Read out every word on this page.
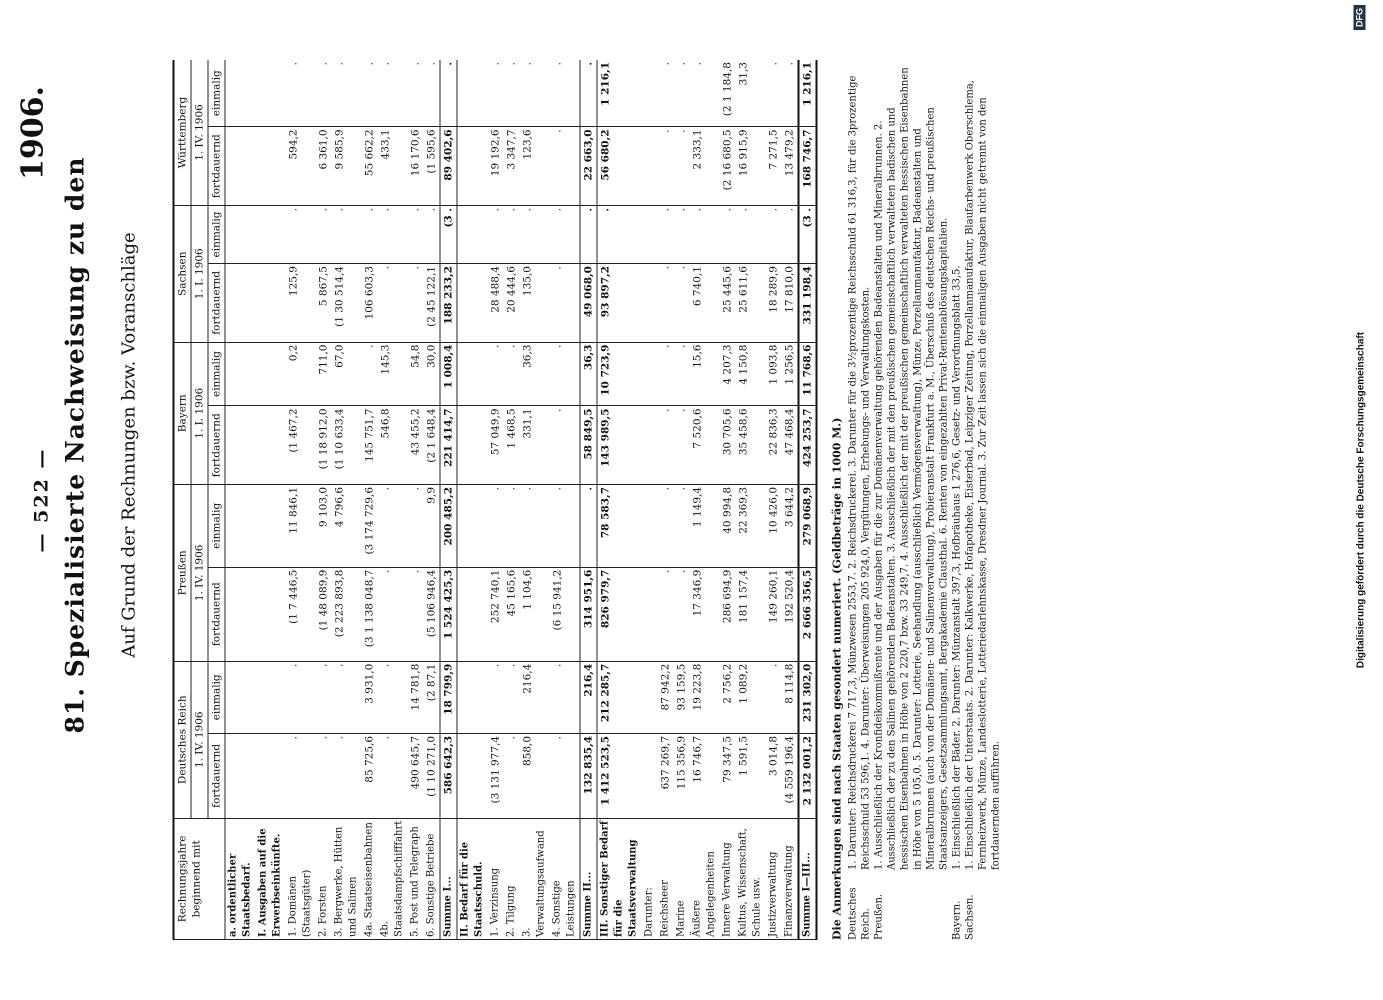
— 522 —
1906.
81. Spezialisierte Nachweisung zu den Auf Grund der Rechnungen bzw. Voranschläge
Rechnungsjahre beginnend mit	Deutsches Reich		Preußen		Bayern		Sachsen		Württemberg	
	1. IV. 1906		1. IV. 1906		1. I. 1906		1. I. 1906		1. IV. 1906	
	fortdauernd	einmalig	fortdauernd	einmalig	fortdauernd	einmalig	fortdauernd	einmalig	fortdauernd	einmalig
a. ordentlicher Staatsbedarf.										
I. Ausgaben auf die Erwerbseinkünfte.										
1. Domänen (Staatsgüter)	.	.	(1 7 446,5	11 846,1	(1 467,2	0,2	125,9	.	594,2	.
2. Forsten	.	.	(1 48 089,9	9 103,0	(1 18 912,0	711,0	5 867,5	.	6 361,0	.
3. Bergwerke, Hütten und Salinen	.	.	(2 223 893,8	4 796,6	(1 10 633,4	67,0	(1 30 514,4	.	9 585,9	.
4a. Staatseisenbahnen	85 725,6	3 931,0	(3 1 138 048,7	(3 174 729,6	145 751,7	.	106 603,3	.	55 662,2	.
4b. Staatsdampfschifffahrt	.	.	.	.	546,8	145,3	.	.	433,1	.
5. Post und Telegraph	490 645,7	14 781,8	.	.	43 455,2	54,8	.	.	16 170,6	.
6. Sonstige Betriebe	(1 10 271,0	(2 87,1	(5 106 946,4	9,9	(2 1 648,4	30,0	(2 45 122,1	.	(1 595,6	.
Summe I...	586 642,3	18 799,9	1 524 425,3	200 485,2	221 414,7	1 008,4	188 233,2	(3 .	89 402,6	.
II. Bedarf für die Staatsschuld.										
1. Verzinsung	(3 131 977,4	.	252 740,1	.	57 049,9	.	28 488,4	.	19 192,6	.
2. Tilgung	.	.	45 165,6	.	1 468,5	.	20 444,6	.	3 347,7	.
3. Verwaltungsaufwand	858,0	216,4	1 104,6	.	331,1	36,3	135,0	.	123,6	.
4. Sonstige Leistungen	.	.	(6 15 941,2	.	.	.	.	.	.	.
Summe II...	132 835,4	216,4	314 951,6	.	58 849,5	36,3	49 068,0	.	22 663,0	.
III. Sonstiger Bedarf für die Staatsverwaltung	1 412 523,5	212 285,7	826 979,7	78 583,7	143 989,5	10 723,9	93 897,2	.	56 680,2	1 216,1
Darunter:										
Reichsheer	637 269,7	87 942,2	.	.	.	.	.	.	.	.
Marine	115 356,9	93 159,5	.	.	.	.	.	.	.	.
Äußere Angelegenheiten	16 746,7	19 223,8	17 346,9	1 149,4	7 520,6	15,6	6 740,1	.	2 333,1	.
Innere Verwaltung	79 347,5	2 756,2	286 694,9	40 994,8	30 705,6	4 207,3	25 445,6	.	(2 16 680,5	(2 1 184,8
Kultus, Wissenschaft, Schule usw.	1 591,5	1 089,2	181 157,4	22 369,3	35 458,6	4 150,8	25 611,6	.	16 915,9	31,3
Justizverwaltung	3 014,8	.	149 260,1	10 426,0	22 836,3	1 093,8	18 289,9	.	7 271,5	.
Finanzverwaltung	(4 559 196,4	8 114,8	192 520,4	3 644,2	47 468,4	1 256,5	17 810,0	.	13 479,2	.
Summe I—III...	2 132 001,2	231 302,0	2 666 356,5	279 068,9	424 253,7	11 768,6	331 198,4	(3 .	168 746,7	1 216,1
Die Anmerkungen sind nach Staaten gesondert numeriert. (Geldbeträge in 1000 M.) Deutsches Reich.
1. Darunter: Reichsdruckerei 7 717,3, Münzwesen 2553,7. 2. Reichsdruckerei. 3. Darunter für die 3½prozentige Reichsschuld 61 316,3, für die 3prozentige Reichsschuld 53 596,1. 4. Darunter: Überweisungen 205 924,0, Vergütungen, Erhebungs- und Verwaltungskosten.
Preußen.
1. Ausschließlich der Kronfideikommißrente und der Ausgaben für die zur Domänenverwaltung gehörenden Badeanstalten und Mineralbrunnen. 2. Ausschließlich der zu den Salinen gehörenden Badeanstalten. 3. Ausschließlich der mit den preußischen gemeinschaftlich verwalteten badischen und hessischen Eisenbahnen in Höhe von 2 220,7 bzw. 33 249,7. 4. Ausschließlich der mit der preußischen gemeinschaftlich verwalteten hessischen Eisenbahnen in Höhe von 5 105,0. 5. Darunter: Lotterie, Seehandlung (ausschließlich Vermögensverwaltung), Münze, Porzellanmanufaktur, Badeanstalten und Mineralbrunnen (auch von der Domänen- und Salinenverwaltung), Probieranstalt Frankfurt a. M., Überschuß des deutschen Reichs- und preußischen Staatsanzeigers, Gesetzsammlungsamt, Bergakademie Clausthal. 6. Renten von eingezahlten Privat-Rentenablösungskapitalien.
Bayern.
1. Einschließlich der Bäder. 2. Darunter: Münzanstalt 397,3, Hofbräuhaus 1 276,6, Gesetz- und Verordnungsblatt 33,5.
Sachsen.
1. Einschließlich der Unterstaats. 2. Darunter: Kalkwerke, Hofapotheke, Eisterbad, Leipziger Zeitung, Porzellanmanufaktur, Blaufarbenwerk Oberschlema, Fernheizwerk, Münze, Landeslotterie, Lotteriedarlehnskasse, Dresdner Journal. 3. Zur Zeit lassen sich die einmaligen Ausgaben nicht getrennt von den fortdauernden aufführen.
Digitalisierung gefördert durch die Deutsche Forschungsgemeinschaft
DFG
